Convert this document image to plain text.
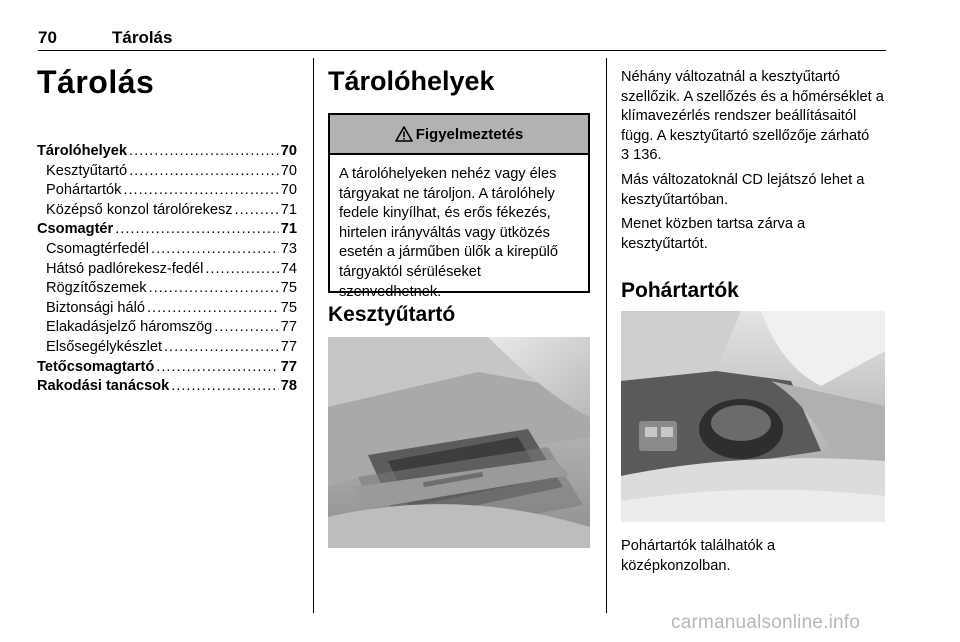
70	Tárolás
Tárolás
Tárolóhelyek .....	70
Kesztyűtartó .....	70
Pohártartók .....	70
Középső konzol tárolórekesz .....	71
Csomagtér .....	71
Csomagtérfedél .....	73
Hátsó padlórekesz-fedél .....	74
Rögzítőszemek .....	75
Biztonsági háló .....	75
Elakadásjelző háromszög .....	77
Elsősegélykészlet .....	77
Tetőcsomagtartó .....	77
Rakodási tanácsok .....	78
Tárolóhelyek
Figyelmeztetés
A tárolóhelyeken nehéz vagy éles tárgyakat ne tároljon. A tárolóhely fedele kinyílhat, és erős fékezés, hirtelen irányváltás vagy ütközés esetén a járműben ülők a kirepülő tárgyaktól sérüléseket szenvedhetnek.
Kesztyűtartó

Néhány változatnál a kesztyűtartó szellőzik. A szellőzés és a hőmérséklet a klímavezérlés rendszer beállításaitól függ. A kesztyűtartó szellőzője zárható
3 136.

Más változatoknál CD lejátszó lehet a kesztyűtartóban.

Menet közben tartsa zárva a kesztyűtartót.

Pohártartók
Pohártartók találhatók a középkonzolban.
carmanualsonline.info
